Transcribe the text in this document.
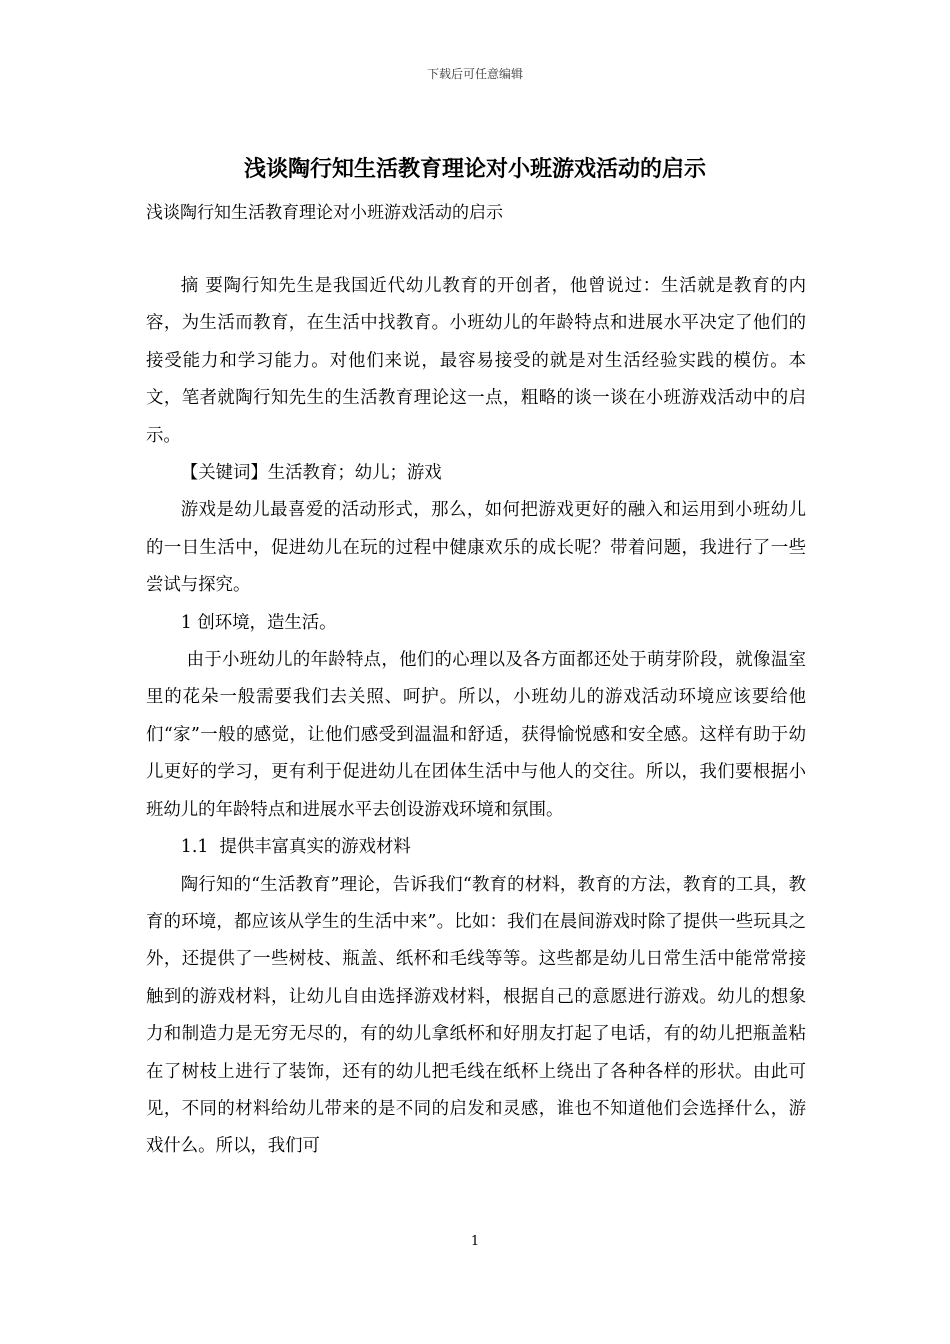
下载后可任意编辑
浅谈陶行知生活教育理论对小班游戏活动的启示
浅谈陶行知生活教育理论对小班游戏活动的启示

摘 要陶行知先生是我国近代幼儿教育的开创者，他曾说过：生活就是教育的内容，为生活而教育，在生活中找教育。小班幼儿的年龄特点和进展水平决定了他们的接受能力和学习能力。对他们来说，最容易接受的就是对生活经验实践的模仿。本文，笔者就陶行知先生的生活教育理论这一点，粗略的谈一谈在小班游戏活动中的启示。

【关键词】生活教育；幼儿；游戏

游戏是幼儿最喜爱的活动形式，那么，如何把游戏更好的融入和运用到小班幼儿的一日生活中，促进幼儿在玩的过程中健康欢乐的成长呢？带着问题，我进行了一些尝试与探究。

1 创环境，造生活。

由于小班幼儿的年龄特点，他们的心理以及各方面都还处于萌芽阶段，就像温室里的花朵一般需要我们去关照、呵护。所以，小班幼儿的游戏活动环境应该要给他们“家”一般的感觉，让他们感受到温温和舒适，获得愉悦感和安全感。这样有助于幼儿更好的学习，更有利于促进幼儿在团体生活中与他人的交往。所以，我们要根据小班幼儿的年龄特点和进展水平去创设游戏环境和氛围。

1.1  提供丰富真实的游戏材料

陶行知的“生活教育”理论，告诉我们“教育的材料，教育的方法，教育的工具，教育的环境，都应该从学生的生活中来”。比如：我们在晨间游戏时除了提供一些玩具之外，还提供了一些树枝、瓶盖、纸杯和毛线等等。这些都是幼儿日常生活中能常常接触到的游戏材料，让幼儿自由选择游戏材料，根据自己的意愿进行游戏。幼儿的想象力和制造力是无穷无尽的，有的幼儿拿纸杯和好朋友打起了电话，有的幼儿把瓶盖粘在了树枝上进行了装饰，还有的幼儿把毛线在纸杯上绕出了各种各样的形状。由此可见，不同的材料给幼儿带来的是不同的启发和灵感，谁也不知道他们会选择什么，游戏什么。所以，我们可

1
